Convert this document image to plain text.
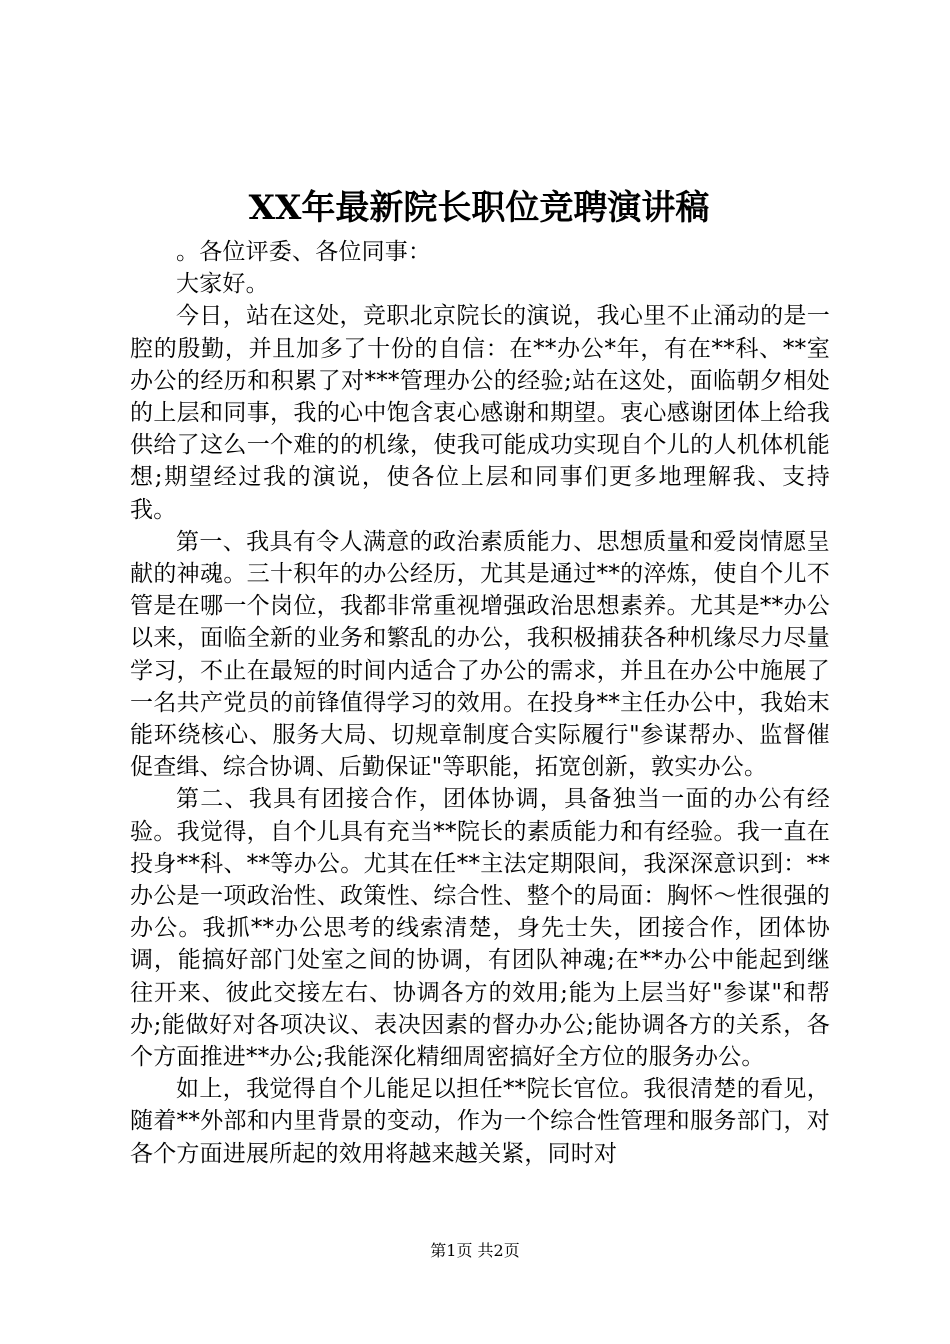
XX年最新院长职位竞聘演讲稿

。各位评委、各位同事：

大家好。

今日，站在这处，竞职北京院长的演说，我心里不止涌动的是一腔的殷勤，并且加多了十份的自信：在**办公*年，有在**科、**室办公的经历和积累了对***管理办公的经验;站在这处，面临朝夕相处的上层和同事，我的心中饱含衷心感谢和期望。衷心感谢团体上给我供给了这么一个难的的机缘，使我可能成功实现自个儿的人机体机能想;期望经过我的演说，使各位上层和同事们更多地理解我、支持我。

第一、我具有令人满意的政治素质能力、思想质量和爱岗情愿呈献的神魂。三十积年的办公经历，尤其是通过**的淬炼，使自个儿不管是在哪一个岗位，我都非常重视增强政治思想素养。尤其是**办公以来，面临全新的业务和繁乱的办公，我积极捕获各种机缘尽力尽量学习，不止在最短的时间内适合了办公的需求，并且在办公中施展了一名共产党员的前锋值得学习的效用。在投身**主任办公中，我始末能环绕核心、服务大局、切规章制度合实际履行"参谋帮办、监督催促查缉、综合协调、后勤保证"等职能，拓宽创新，敦实办公。

第二、我具有团接合作，团体协调，具备独当一面的办公有经验。我觉得，自个儿具有充当**院长的素质能力和有经验。我一直在投身**科、**等办公。尤其在任**主法定期限间，我深深意识到：**办公是一项政治性、政策性、综合性、整个的局面：胸怀～性很强的办公。我抓**办公思考的线索清楚，身先士失，团接合作，团体协调，能搞好部门处室之间的协调，有团队神魂;在**办公中能起到继往开来、彼此交接左右、协调各方的效用;能为上层当好"参谋"和帮办;能做好对各项决议、表决因素的督办办公;能协调各方的关系，各个方面推进**办公;我能深化精细周密搞好全方位的服务办公。

如上，我觉得自个儿能足以担任**院长官位。我很清楚的看见，随着**外部和内里背景的变动，作为一个综合性管理和服务部门，对各个方面进展所起的效用将越来越关紧，同时对

第1页 共2页
